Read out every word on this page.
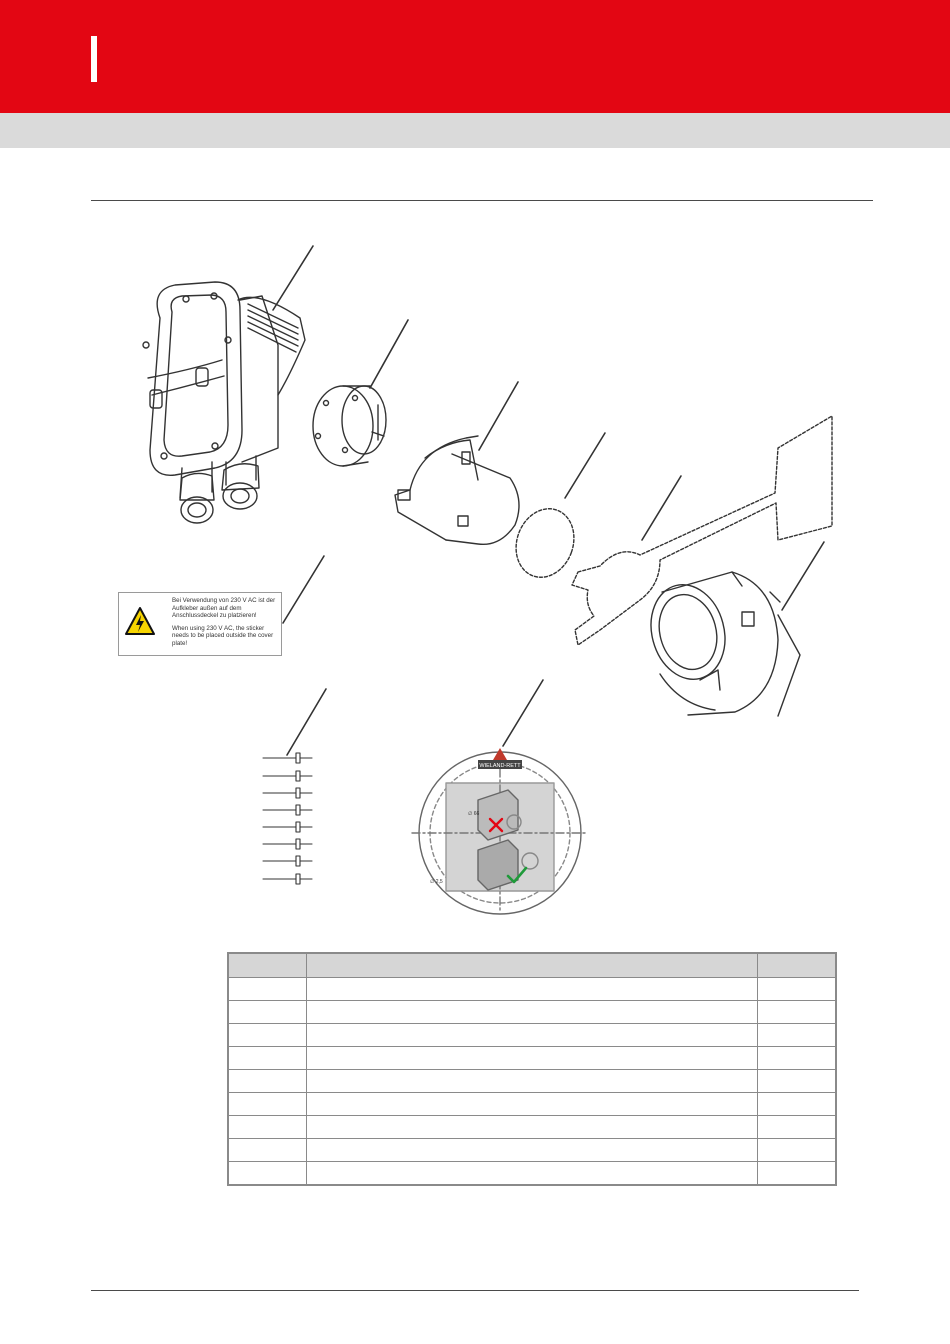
WIELAND-RETT
∅ 2,5
∅ 66

Bei Verwendung von 230 V AC ist der Aufkleber außen auf dem Anschlussdeckel zu platzieren!

When using 230 V AC, the sticker needs to be placed outside the cover plate!
